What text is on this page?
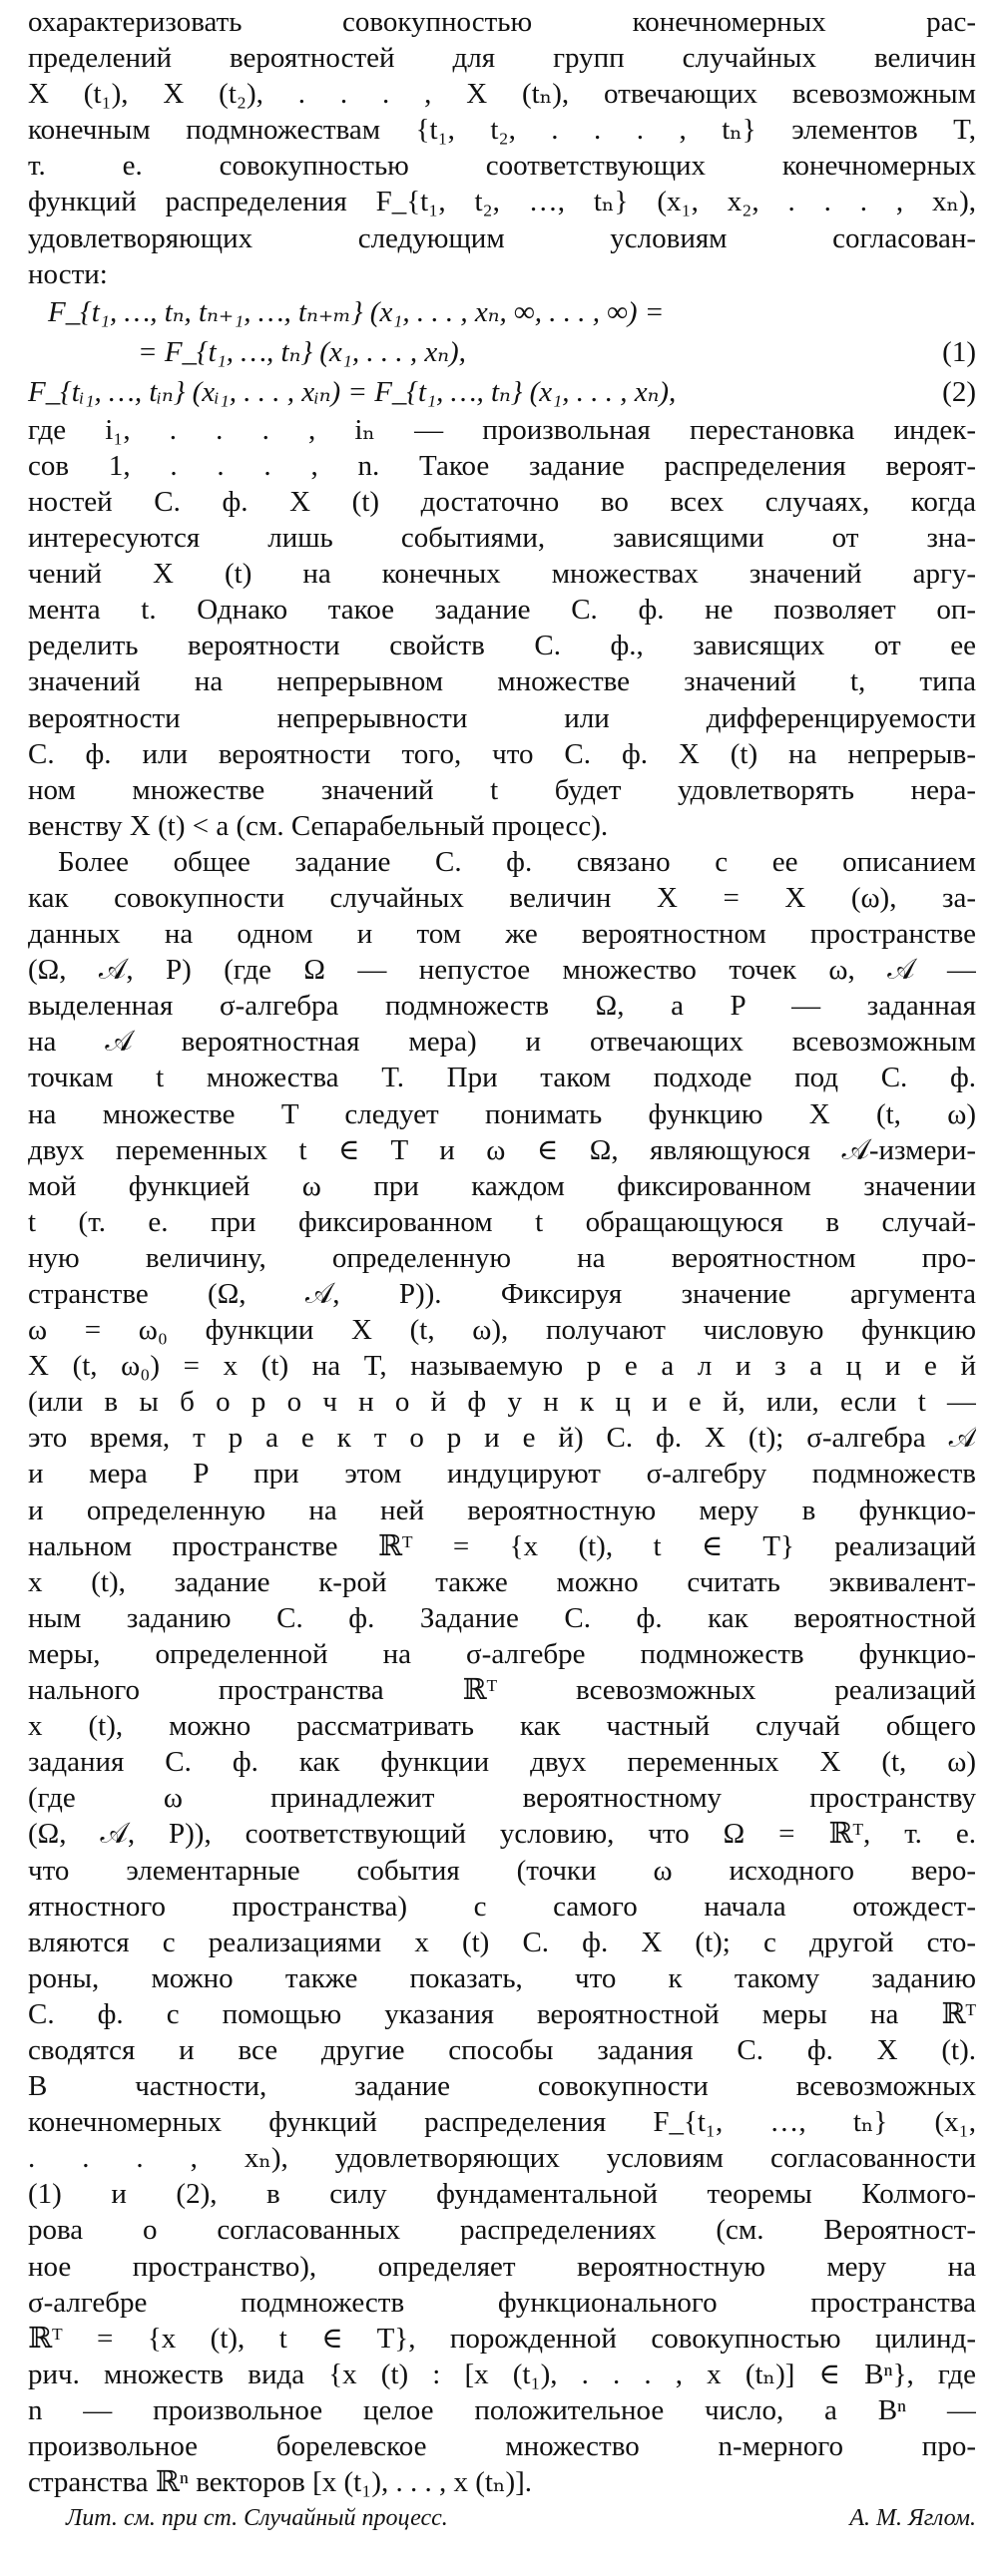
охарактеризовать совокупностью конечномерных рас-
пределений вероятностей для групп случайных величин
X (t₁), X (t₂), . . . , X (tₙ), отвечающих всевозможным
конечным подмножествам {t₁, t₂, . . . , tₙ} элементов T,
т. е. совокупностью соответствующих конечномерных
функций распределения F_{t₁, t₂, …, tₙ} (x₁, x₂, . . . , xₙ),
удовлетворяющих следующим условиям согласован-
ности:
F_{t₁, …, tₙ, tₙ₊₁, …, tₙ₊ₘ} (x₁, . . . , xₙ, ∞, . . . , ∞) =
= F_{t₁, …, tₙ} (x₁, . . . , xₙ),	(1)
F_{tᵢ₁, …, tᵢₙ} (xᵢ₁, . . . , xᵢₙ) = F_{t₁, …, tₙ} (x₁, . . . , xₙ),	(2)
где i₁, . . . , iₙ — произвольная перестановка индек-
сов 1, . . . , n. Такое задание распределения вероят-
ностей С. ф. X (t) достаточно во всех случаях, когда
интересуются лишь событиями, зависящими от зна-
чений X (t) на конечных множествах значений аргу-
мента t. Однако такое задание С. ф. не позволяет оп-
ределить вероятности свойств С. ф., зависящих от ее
значений на непрерывном множестве значений t, типа
вероятности непрерывности или дифференцируемости
С. ф. или вероятности того, что С. ф. X (t) на непрерыв-
ном множестве значений t будет удовлетворять нера-
венству X (t) < a (см. Сепарабельный процесс).
Более общее задание С. ф. связано с ее описанием
как совокупности случайных величин X = X (ω), за-
данных на одном и том же вероятностном пространстве
(Ω, 𝒜, P) (где Ω — непустое множество точек ω, 𝒜 —
выделенная σ-алгебра подмножеств Ω, а P — заданная
на 𝒜 вероятностная мера) и отвечающих всевозможным
точкам t множества T. При таком подходе под С. ф.
на множестве T следует понимать функцию X (t, ω)
двух переменных t ∈ T и ω ∈ Ω, являющуюся 𝒜-измери-
мой функцией ω при каждом фиксированном значении
t (т. е. при фиксированном t обращающуюся в случай-
ную величину, определенную на вероятностном про-
странстве (Ω, 𝒜, P)). Фиксируя значение аргумента
ω = ω₀ функции X (t, ω), получают числовую функцию
X (t, ω₀) = x (t) на T, называемую р е а л и з а ц и е й
(или в ы б о р о ч н о й ф у н к ц и е й, или, если t —
это время, т р а е к т о р и е й) С. ф. X (t); σ-алгебра 𝒜
и мера P при этом индуцируют σ-алгебру подмножеств
и определенную на ней вероятностную меру в функцио-
нальном пространстве ℝᵀ = {x (t), t ∈ T} реализаций
x (t), задание к-рой также можно считать эквивалент-
ным заданию С. ф. Задание С. ф. как вероятностной
меры, определенной на σ-алгебре подмножеств функцио-
нального пространства ℝᵀ всевозможных реализаций
x (t), можно рассматривать как частный случай общего
задания С. ф. как функции двух переменных X (t, ω)
(где ω принадлежит вероятностному пространству
(Ω, 𝒜, P)), соответствующий условию, что Ω = ℝᵀ, т. е.
что элементарные события (точки ω исходного веро-
ятностного пространства) с самого начала отождест-
вляются с реализациями x (t) С. ф. X (t); с другой сто-
роны, можно также показать, что к такому заданию
С. ф. с помощью указания вероятностной меры на ℝᵀ
сводятся и все другие способы задания С. ф. X (t).
В частности, задание совокупности всевозможных
конечномерных функций распределения F_{t₁, …, tₙ} (x₁,
. . . , xₙ), удовлетворяющих условиям согласованности
(1) и (2), в силу фундаментальной теоремы Колмого-
рова о согласованных распределениях (см. Вероятност-
ное пространство), определяет вероятностную меру на
σ-алгебре подмножеств функционального пространства
ℝᵀ = {x (t), t ∈ T}, порожденной совокупностью цилинд-
рич. множеств вида {x (t) : [x (t₁), . . . , x (tₙ)] ∈ Bⁿ}, где
n — произвольное целое положительное число, а Bⁿ —
произвольное борелевское множество n-мерного про-
странства ℝⁿ векторов [x (t₁), . . . , x (tₙ)].
Лит. см. при ст. Случайный процесс.	А. М. Яглом.
